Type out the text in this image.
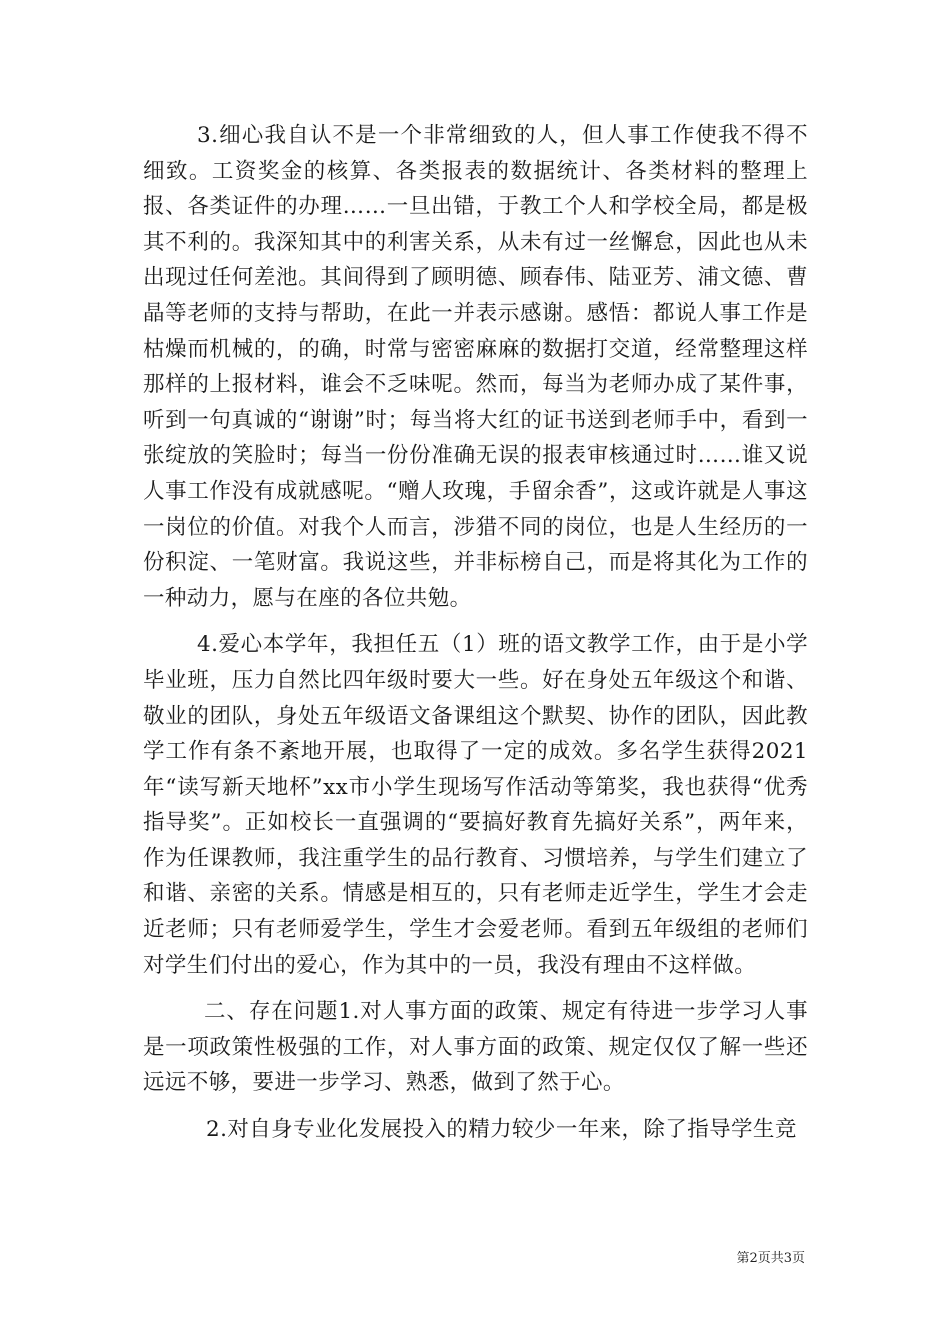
3.细心我自认不是一个非常细致的人，但人事工作使我不得不细致。工资奖金的核算、各类报表的数据统计、各类材料的整理上报、各类证件的办理……一旦出错，于教工个人和学校全局，都是极其不利的。我深知其中的利害关系，从未有过一丝懈怠，因此也从未出现过任何差池。其间得到了顾明德、顾春伟、陆亚芳、浦文德、曹晶等老师的支持与帮助，在此一并表示感谢。感悟：都说人事工作是枯燥而机械的，的确，时常与密密麻麻的数据打交道，经常整理这样那样的上报材料，谁会不乏味呢。然而，每当为老师办成了某件事，听到一句真诚的“谢谢”时；每当将大红的证书送到老师手中，看到一张绽放的笑脸时；每当一份份准确无误的报表审核通过时……谁又说人事工作没有成就感呢。“赠人玫瑰，手留余香”，这或许就是人事这一岗位的价值。对我个人而言，涉猎不同的岗位，也是人生经历的一份积淀、一笔财富。我说这些，并非标榜自己，而是将其化为工作的一种动力，愿与在座的各位共勉。

4.爱心本学年，我担任五（1）班的语文教学工作，由于是小学毕业班，压力自然比四年级时要大一些。好在身处五年级这个和谐、敬业的团队，身处五年级语文备课组这个默契、协作的团队，因此教学工作有条不紊地开展，也取得了一定的成效。多名学生获得2021年“读写新天地杯”xx市小学生现场写作活动等第奖，我也获得“优秀指导奖”。正如校长一直强调的“要搞好教育先搞好关系”，两年来，作为任课教师，我注重学生的品行教育、习惯培养，与学生们建立了和谐、亲密的关系。情感是相互的，只有老师走近学生，学生才会走近老师；只有老师爱学生，学生才会爱老师。看到五年级组的老师们对学生们付出的爱心，作为其中的一员，我没有理由不这样做。

二、存在问题1.对人事方面的政策、规定有待进一步学习人事是一项政策性极强的工作，对人事方面的政策、规定仅仅了解一些还远远不够，要进一步学习、熟悉，做到了然于心。

2.对自身专业化发展投入的精力较少一年来，除了指导学生竞

第2页共3页
